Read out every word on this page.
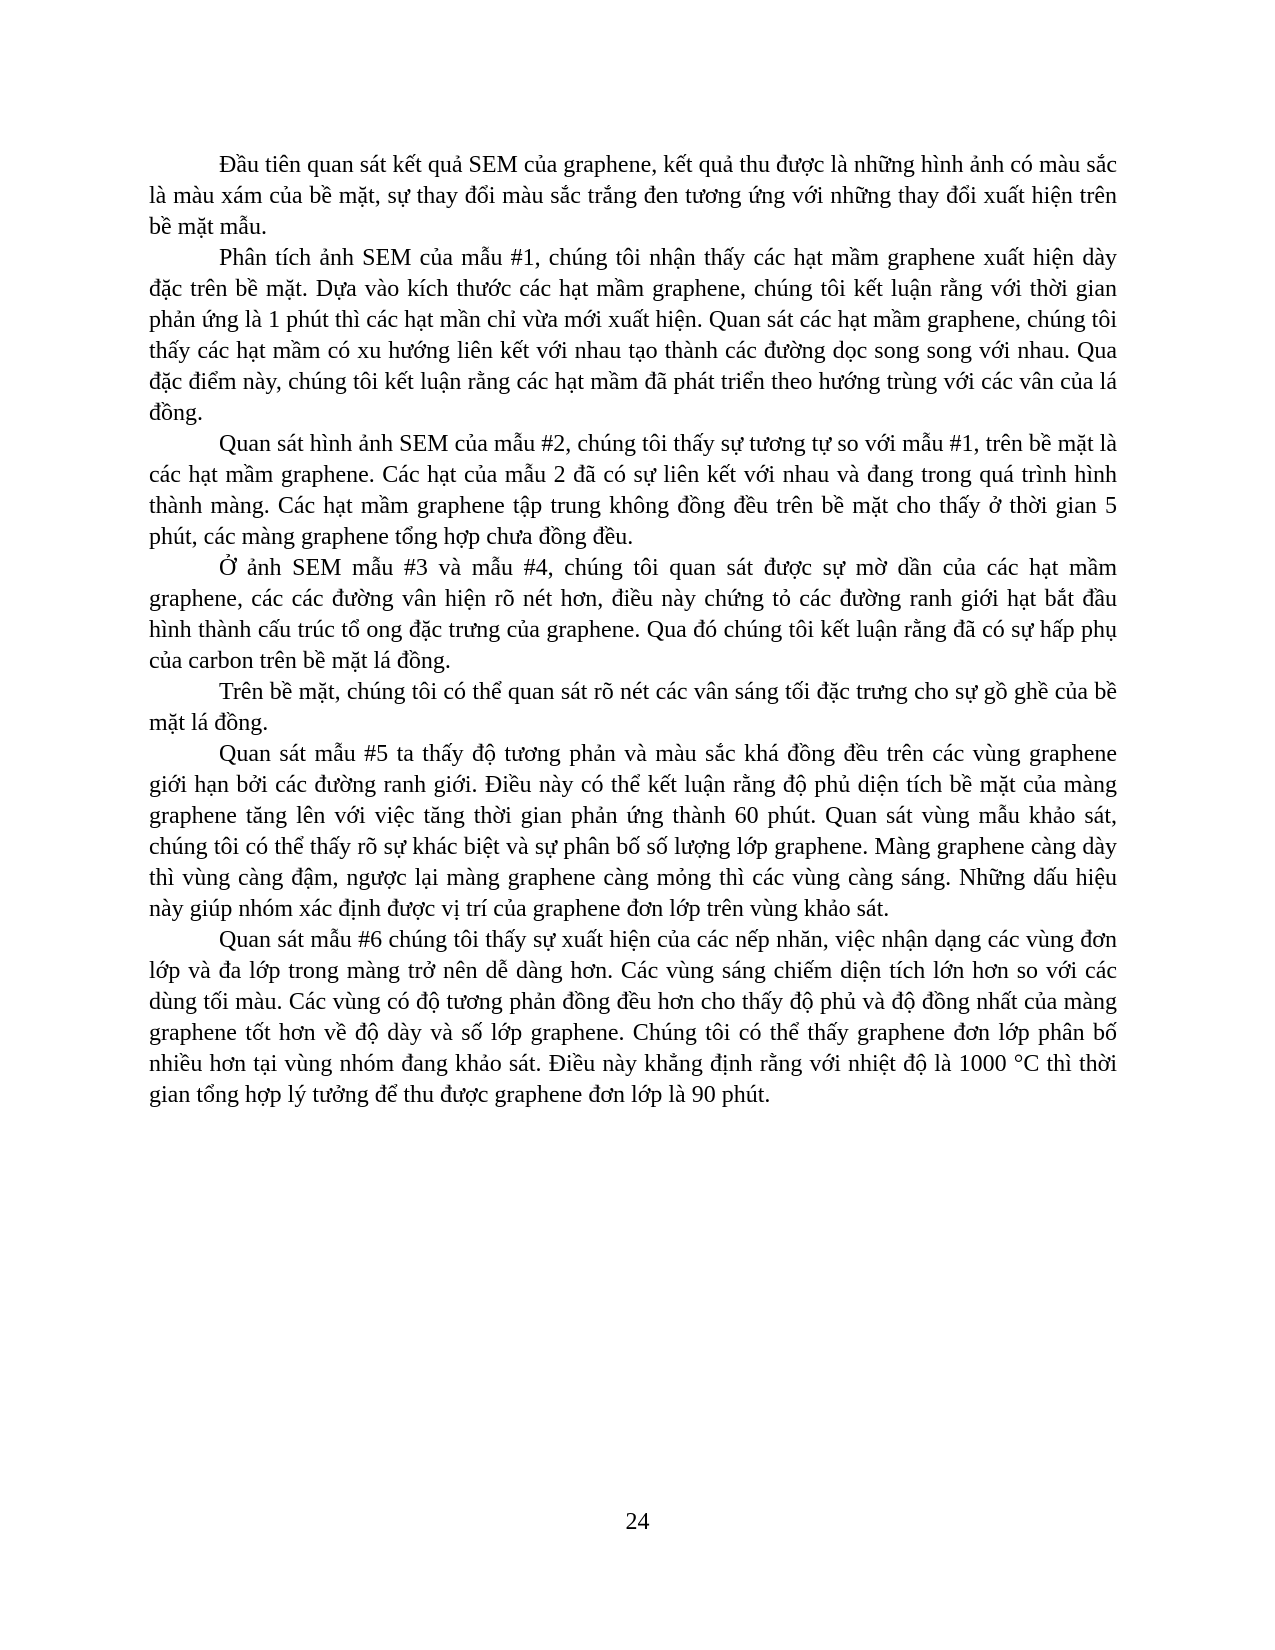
Đầu tiên quan sát kết quả SEM của graphene, kết quả thu được là những hình ảnh có màu sắc là màu xám của bề mặt, sự thay đổi màu sắc trắng đen tương ứng với những thay đổi xuất hiện trên bề mặt mẫu.

Phân tích ảnh SEM của mẫu #1, chúng tôi nhận thấy các hạt mầm graphene xuất hiện dày đặc trên bề mặt. Dựa vào kích thước các hạt mầm graphene, chúng tôi kết luận rằng với thời gian phản ứng là 1 phút thì các hạt mần chỉ vừa mới xuất hiện. Quan sát các hạt mầm graphene, chúng tôi thấy các hạt mầm có xu hướng liên kết với nhau tạo thành các đường dọc song song với nhau. Qua đặc điểm này, chúng tôi kết luận rằng các hạt mầm đã phát triển theo hướng trùng với các vân của lá đồng.

Quan sát hình ảnh SEM của mẫu #2, chúng tôi thấy sự tương tự so với mẫu #1, trên bề mặt là các hạt mầm graphene. Các hạt của mẫu 2 đã có sự liên kết với nhau và đang trong quá trình hình thành màng. Các hạt mầm graphene tập trung không đồng đều trên bề mặt cho thấy ở thời gian 5 phút, các màng graphene tổng hợp chưa đồng đều.

Ở ảnh SEM mẫu #3 và mẫu #4, chúng tôi quan sát được sự mờ dần của các hạt mầm graphene, các các đường vân hiện rõ nét hơn, điều này chứng tỏ các đường ranh giới hạt bắt đầu hình thành cấu trúc tổ ong đặc trưng của graphene. Qua đó chúng tôi kết luận rằng đã có sự hấp phụ của carbon trên bề mặt lá đồng.

Trên bề mặt, chúng tôi có thể quan sát rõ nét các vân sáng tối đặc trưng cho sự gồ ghề của bề mặt lá đồng.

Quan sát mẫu #5 ta thấy độ tương phản và màu sắc khá đồng đều trên các vùng graphene giới hạn bởi các đường ranh giới. Điều này có thể kết luận rằng độ phủ diện tích bề mặt của màng graphene tăng lên với việc tăng thời gian phản ứng thành 60 phút. Quan sát vùng mẫu khảo sát, chúng tôi có thể thấy rõ sự khác biệt và sự phân bố số lượng lớp graphene. Màng graphene càng dày thì vùng càng đậm, ngược lại màng graphene càng mỏng thì các vùng càng sáng. Những dấu hiệu này giúp nhóm xác định được vị trí của graphene đơn lớp trên vùng khảo sát.

Quan sát mẫu #6 chúng tôi thấy sự xuất hiện của các nếp nhăn, việc nhận dạng các vùng đơn lớp và đa lớp trong màng trở nên dễ dàng hơn. Các vùng sáng chiếm diện tích lớn hơn so với các dùng tối màu. Các vùng có độ tương phản đồng đều hơn cho thấy độ phủ và độ đồng nhất của màng graphene tốt hơn về độ dày và số lớp graphene. Chúng tôi có thể thấy graphene đơn lớp phân bố nhiều hơn tại vùng nhóm đang khảo sát. Điều này khẳng định rằng với nhiệt độ là 1000 °C thì thời gian tổng hợp lý tưởng để thu được graphene đơn lớp là 90 phút.

24
